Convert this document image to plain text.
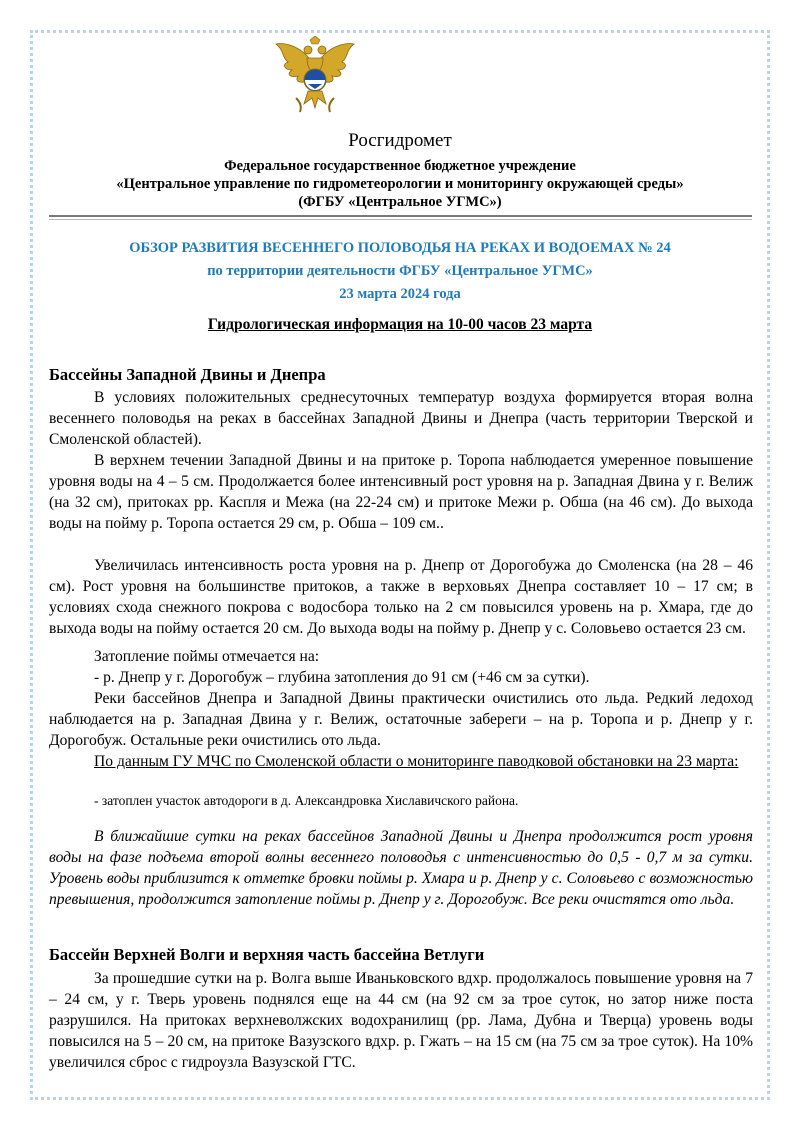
Росгидромет
Федеральное государственное бюджетное учреждение
«Центральное управление по гидрометеорологии и мониторингу окружающей среды»
(ФГБУ «Центральное УГМС»)
ОБЗОР РАЗВИТИЯ ВЕСЕННЕГО ПОЛОВОДЬЯ НА РЕКАХ И ВОДОЕМАХ № 24
по территории деятельности ФГБУ «Центральное УГМС»
23 марта 2024 года
Гидрологическая информация на 10-00 часов 23 марта
Бассейны Западной Двины и Днепра

В условиях положительных среднесуточных температур воздуха формируется вторая волна весеннего половодья на реках в бассейнах Западной Двины и Днепра (часть территории Тверской и Смоленской областей).

В верхнем течении Западной Двины и на притоке р. Торопа наблюдается умеренное повышение уровня воды на 4 – 5 см. Продолжается более интенсивный рост уровня на р. Западная Двина у г. Велиж (на 32 см), притоках рр. Каспля и Межа (на 22-24 см) и притоке Межи р. Обша (на 46 см). До выхода воды на пойму р. Торопа остается 29 см, р. Обша – 109 см..

Увеличилась интенсивность роста уровня на р. Днепр от Дорогобужа до Смоленска (на 28 – 46 см). Рост уровня на большинстве притоков, а также в верховьях Днепра составляет 10 – 17 см; в условиях схода снежного покрова с водосбора только на 2 см повысился уровень на р. Хмара, где до выхода воды на пойму остается 20 см. До выхода воды на пойму р. Днепр у с. Соловьево остается 23 см.

Затопление поймы отмечается на:
- р. Днепр у г. Дорогобуж – глубина затопления до 91 см (+46 см за сутки).

Реки бассейнов Днепра и Западной Двины практически очистились ото льда. Редкий ледоход наблюдается на р. Западная Двина у г. Велиж, остаточные забереги – на р. Торопа и р. Днепр у г. Дорогобуж. Остальные реки очистились ото льда.

По данным ГУ МЧС по Смоленской области о мониторинге паводковой обстановки на 23 марта:

- затоплен участок автодороги в д. Александровка Хиславичского района.

В ближайшие сутки на реках бассейнов Западной Двины и Днепра продолжится рост уровня воды на фазе подъема второй волны весеннего половодья с интенсивностью до 0,5 - 0,7 м за сутки. Уровень воды приблизится к отметке бровки поймы р. Хмара и р. Днепр у с. Соловьево с возможностью превышения, продолжится затопление поймы р. Днепр у г. Дорогобуж. Все реки очистятся ото льда.

Бассейн Верхней Волги и верхняя часть бассейна Ветлуги

За прошедшие сутки на р. Волга выше Иваньковского вдхр. продолжалось повышение уровня на 7 – 24 см, у г. Тверь уровень поднялся еще на 44 см (на 92 см за трое суток, но затор ниже поста разрушился. На притоках верхневолжских водохранилищ (рр. Лама, Дубна и Тверца) уровень воды повысился на 5 – 20 см, на притоке Вазузского вдхр. р. Гжать – на 15 см (на 75 см за трое суток). На 10% увеличился сброс с гидроузла Вазузской ГТС.
